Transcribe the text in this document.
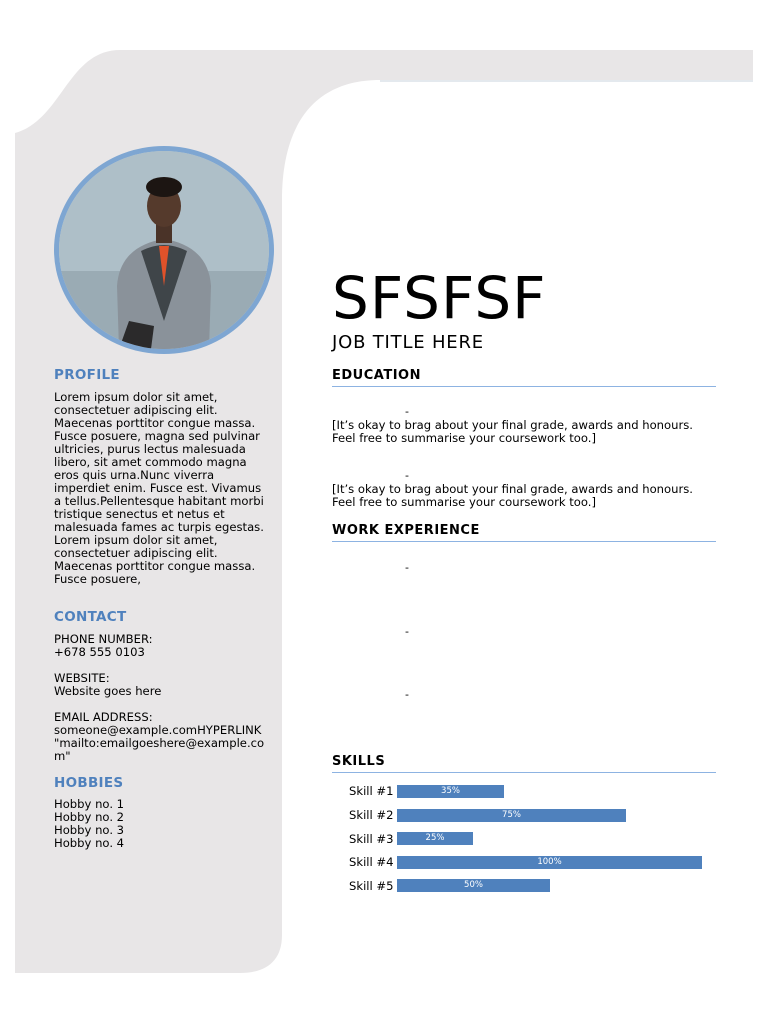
PROFILE

Lorem ipsum dolor sit amet, consectetuer adipiscing elit. Maecenas porttitor congue massa. Fusce posuere, magna sed pulvinar ultricies, purus lectus malesuada libero, sit amet commodo magna eros quis urna.Nunc viverra imperdiet enim. Fusce est. Vivamus a tellus.Pellentesque habitant morbi tristique senectus et netus et malesuada fames ac turpis egestas. Lorem ipsum dolor sit amet, consectetuer adipiscing elit. Maecenas porttitor congue massa. Fusce posuere,

CONTACT

PHONE NUMBER:
+678 555 0103

WEBSITE:
Website goes here

EMAIL ADDRESS:
someone@example.comHYPERLINK "mailto:emailgoeshere@example.com"

HOBBIES
Hobby no. 1
Hobby no. 2
Hobby no. 3
Hobby no. 4
SFSFSF
JOB TITLE HERE
EDUCATION
-
[It’s okay to brag about your final grade, awards and honours. Feel free to summarise your coursework too.]
-
[It’s okay to brag about your final grade, awards and honours. Feel free to summarise your coursework too.]
WORK EXPERIENCE
-
-
-
SKILLS
Skill #1	35%
Skill #2	75%
Skill #3	25%
Skill #4	100%
Skill #5	50%
